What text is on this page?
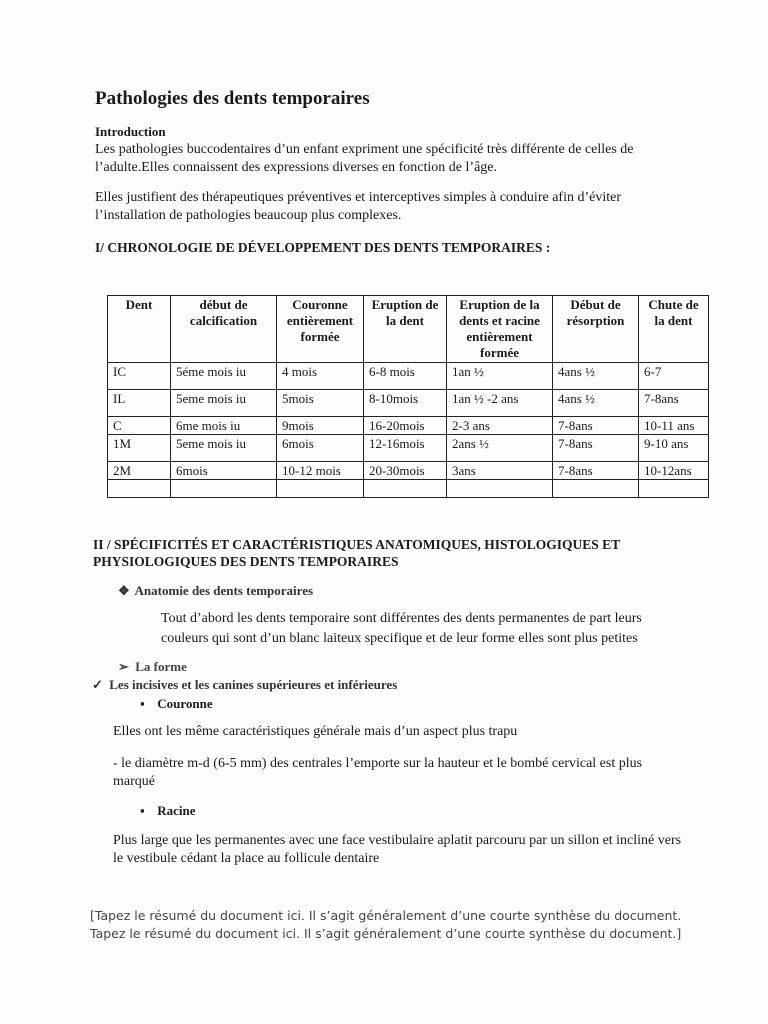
Pathologies des dents temporaires
Introduction
Les pathologies buccodentaires d’un enfant expriment une spécificité très différente de celles de l’adulte.Elles connaissent des expressions diverses en fonction de l’âge.
Elles justifient des thérapeutiques préventives et interceptives simples à conduire afin d’éviter l’installation de pathologies beaucoup plus complexes.
I/ CHRONOLOGIE DE DÉVELOPPEMENT DES DENTS TEMPORAIRES :
Dent	début de calcification	Couronne entièrement formée	Eruption de la dent	Eruption de la dents et racine entièrement formée	Début de résorption	Chute de la dent
IC	5éme mois iu	4 mois	6-8 mois	1an ½	4ans ½	6-7
IL	5eme mois iu	5mois	8-10mois	1an ½ -2 ans	4ans ½	7-8ans
C	6me mois iu	9mois	16-20mois	2-3 ans	7-8ans	10-11 ans
1M	5eme mois iu	6mois	12-16mois	2ans ½	7-8ans	9-10 ans
2M	6mois	10-12 mois	20-30mois	3ans	7-8ans	10-12ans

II / SPÉCIFICITÉS ET CARACTÉRISTIQUES ANATOMIQUES, HISTOLOGIQUES ET PHYSIOLOGIQUES DES DENTS TEMPORAIRES
❖ Anatomie des dents temporaires
Tout d’abord les dents temporaire sont différentes des dents permanentes de part leurs couleurs qui sont d’un blanc laiteux specifique et de leur forme elles sont plus petites
➢ La forme
✓ Les incisives et les canines supérieures et inférieures
▪ Couronne
Elles ont les même caractéristiques générale mais d’un aspect plus trapu
- le diamètre m-d (6-5 mm) des centrales l’emporte sur la hauteur et le bombé cervical est plus marqué
▪ Racine
Plus large que les permanentes avec une face vestibulaire aplatit parcouru par un sillon et incliné vers le vestibule cédant la place au follicule dentaire
[Tapez le résumé du document ici. Il s’agit généralement d’une courte synthèse du document. Tapez le résumé du document ici. Il s’agit généralement d’une courte synthèse du document.]
